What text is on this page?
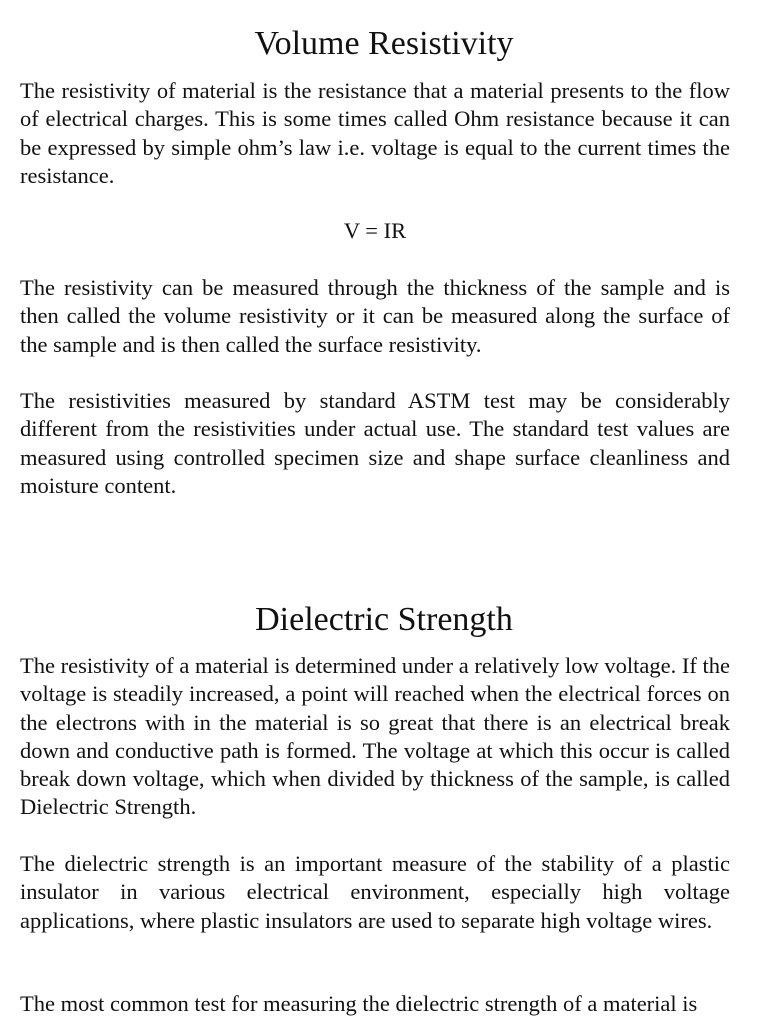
Volume Resistivity

The resistivity of material is the resistance that a material presents to the flow of electrical charges. This is some times called Ohm resistance because it can be expressed by simple ohm’s law i.e. voltage is equal to the current times the resistance.

V = IR

The resistivity can be measured through the thickness of the sample and is then called the volume resistivity or it can be measured along the surface of the sample and is then called the surface resistivity.

The resistivities measured by standard ASTM test may be considerably different from the resistivities under actual use. The standard test values are measured using controlled specimen size and shape surface cleanliness and moisture content.

Dielectric Strength

The resistivity of a material is determined under a relatively low voltage. If the voltage is steadily increased, a point will reached when the electrical forces on the electrons with in the material is so great that there is an electrical break down and conductive path is formed. The voltage at which this occur is called break down voltage, which when divided by thickness of the sample, is called Dielectric Strength.

The dielectric strength is an important measure of the stability of a plastic insulator in various electrical environment, especially high voltage applications, where plastic insulators are used to separate high voltage wires.

The most common test for measuring the dielectric strength of a material is
